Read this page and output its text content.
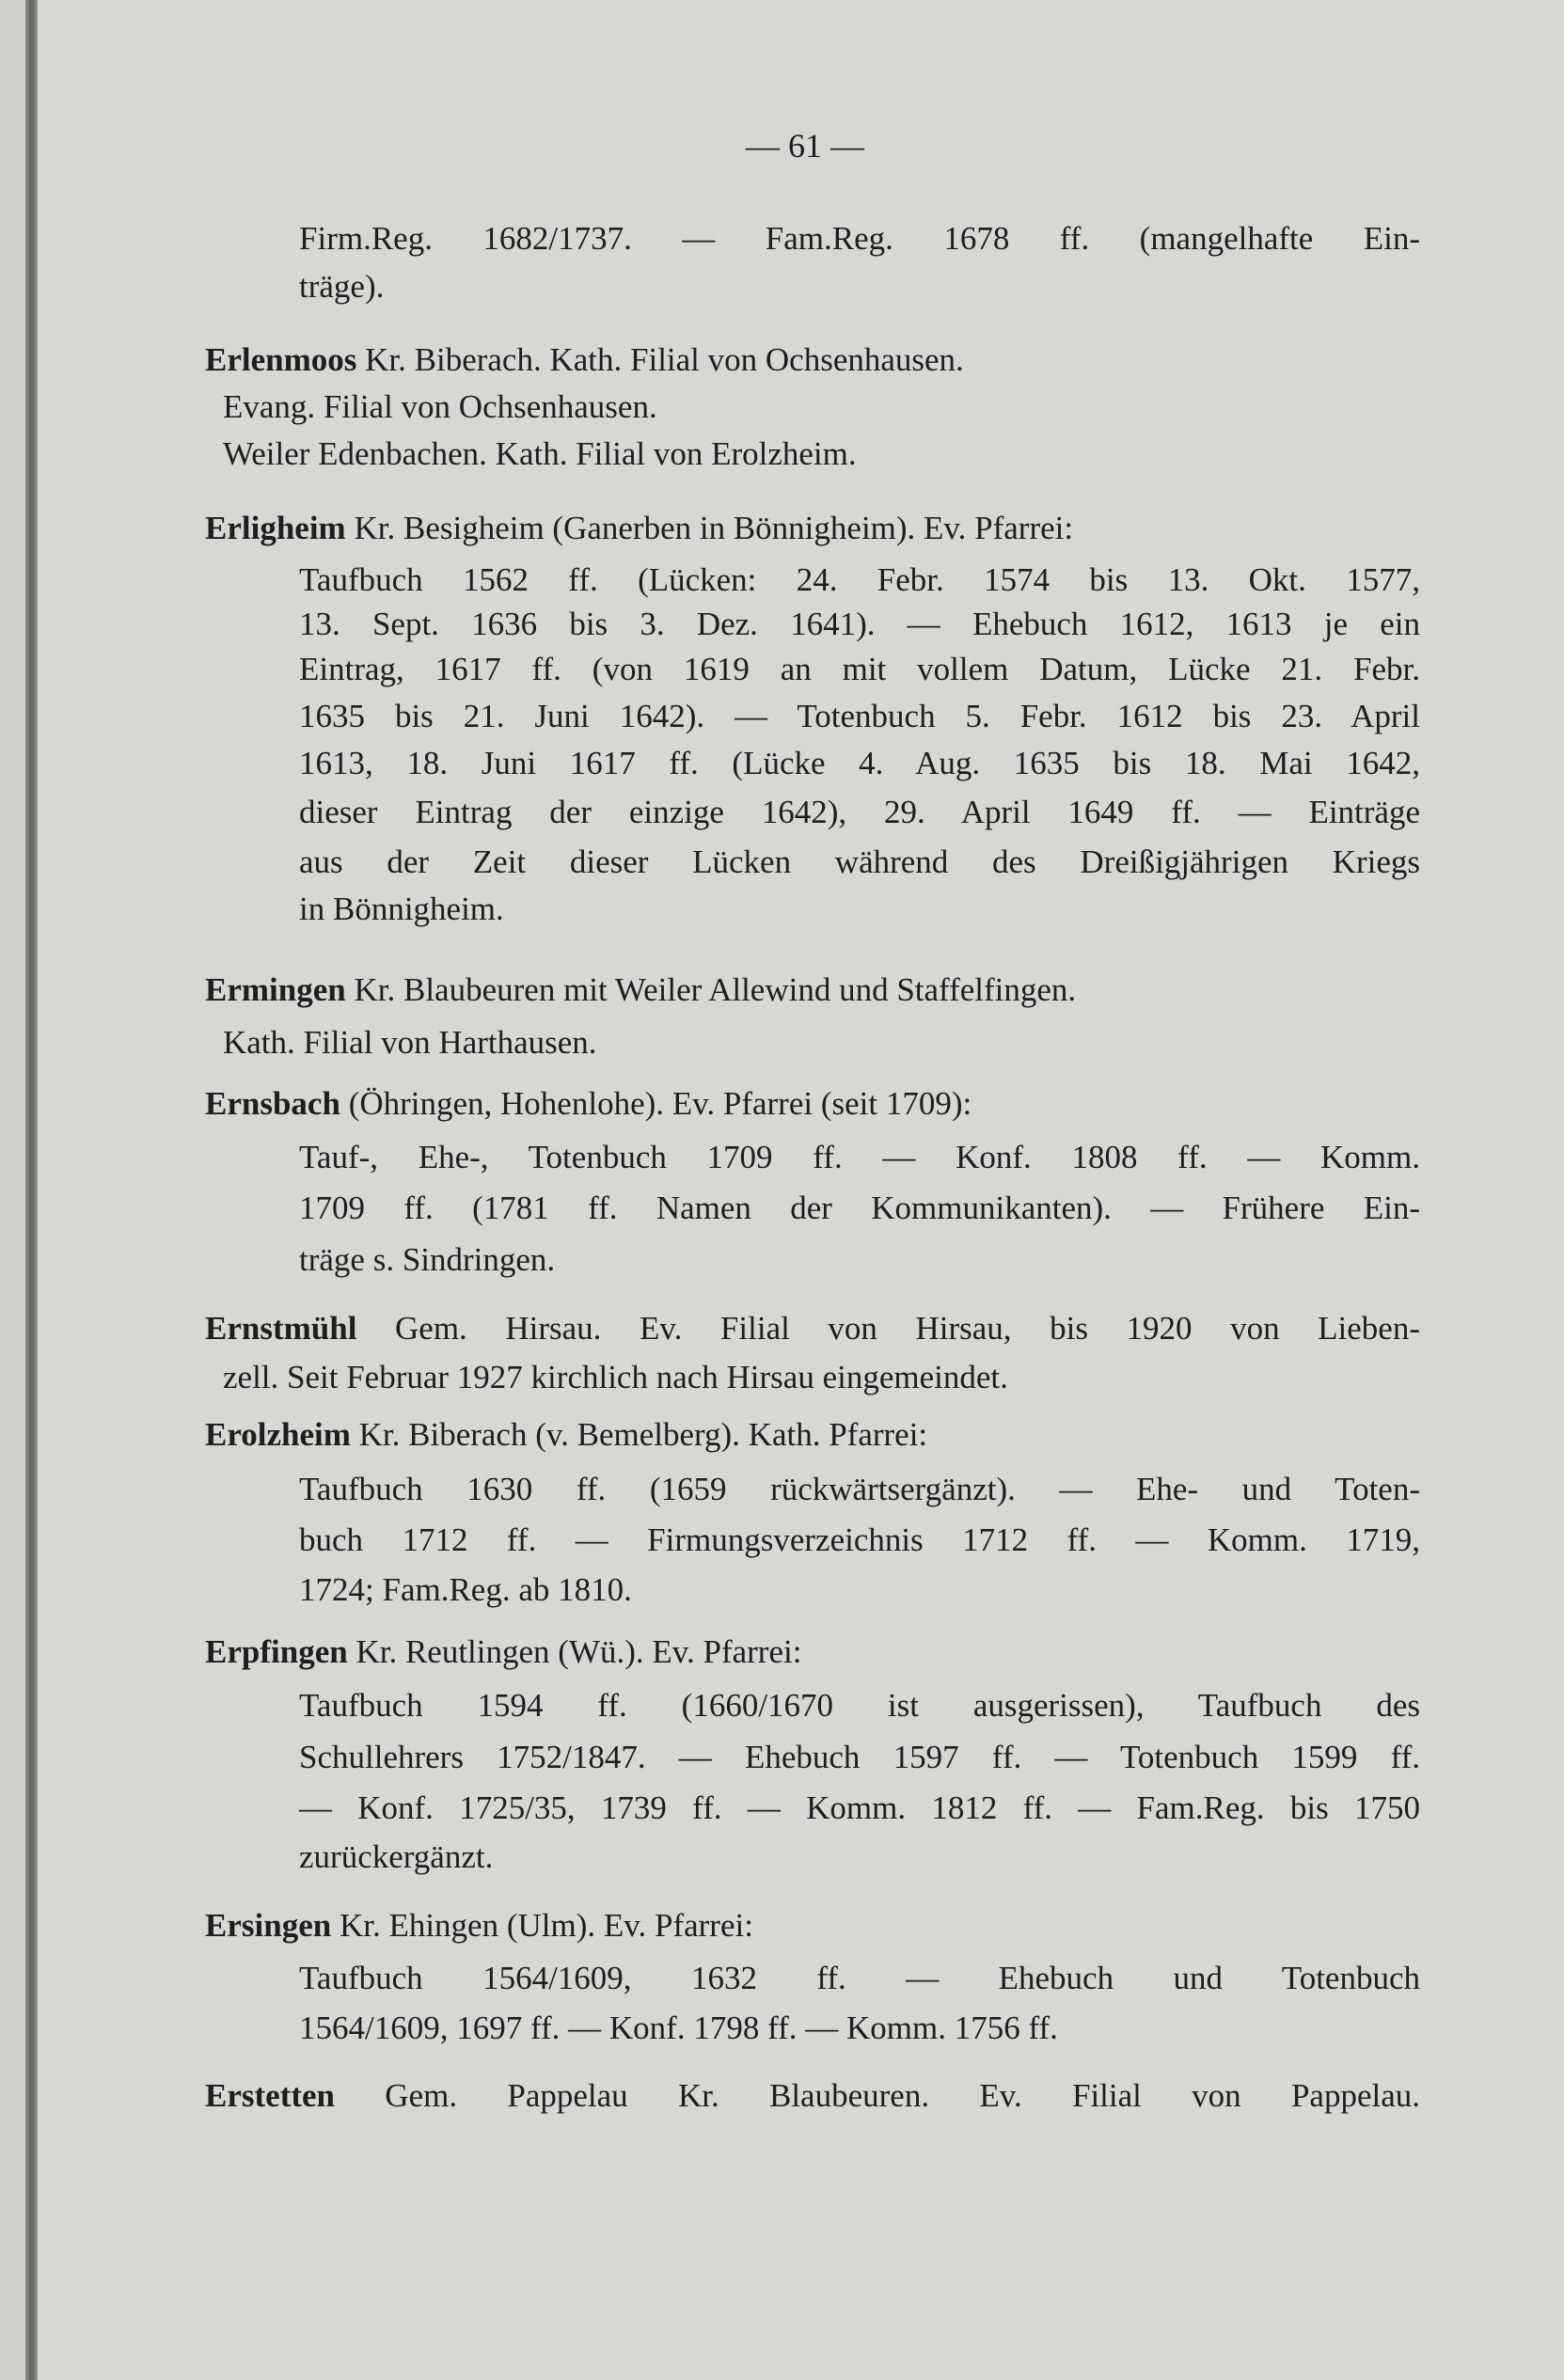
— 61 —
Firm.Reg. 1682/1737. — Fam.Reg. 1678 ff. (mangelhafte Ein-
träge).
Erlenmoos Kr. Biberach. Kath. Filial von Ochsenhausen.
Evang. Filial von Ochsenhausen.
Weiler Edenbachen. Kath. Filial von Erolzheim.
Erligheim Kr. Besigheim (Ganerben in Bönnigheim). Ev. Pfarrei:
Taufbuch 1562 ff. (Lücken: 24. Febr. 1574 bis 13. Okt. 1577,
13. Sept. 1636 bis 3. Dez. 1641). — Ehebuch 1612, 1613 je ein
Eintrag, 1617 ff. (von 1619 an mit vollem Datum, Lücke 21. Febr.
1635 bis 21. Juni 1642). — Totenbuch 5. Febr. 1612 bis 23. April
1613, 18. Juni 1617 ff. (Lücke 4. Aug. 1635 bis 18. Mai 1642,
dieser Eintrag der einzige 1642), 29. April 1649 ff. — Einträge
aus der Zeit dieser Lücken während des Dreißigjährigen Kriegs
in Bönnigheim.
Ermingen Kr. Blaubeuren mit Weiler Allewind und Staffelfingen.
Kath. Filial von Harthausen.
Ernsbach (Öhringen, Hohenlohe). Ev. Pfarrei (seit 1709):
Tauf-, Ehe-, Totenbuch 1709 ff. — Konf. 1808 ff. — Komm.
1709 ff. (1781 ff. Namen der Kommunikanten). — Frühere Ein-
träge s. Sindringen.
Ernstmühl Gem. Hirsau. Ev. Filial von Hirsau, bis 1920 von Lieben-
zell. Seit Februar 1927 kirchlich nach Hirsau eingemeindet.
Erolzheim Kr. Biberach (v. Bemelberg). Kath. Pfarrei:
Taufbuch 1630 ff. (1659 rückwärtsergänzt). — Ehe- und Toten-
buch 1712 ff. — Firmungsverzeichnis 1712 ff. — Komm. 1719,
1724; Fam.Reg. ab 1810.
Erpfingen Kr. Reutlingen (Wü.). Ev. Pfarrei:
Taufbuch 1594 ff. (1660/1670 ist ausgerissen), Taufbuch des
Schullehrers 1752/1847. — Ehebuch 1597 ff. — Totenbuch 1599 ff.
— Konf. 1725/35, 1739 ff. — Komm. 1812 ff. — Fam.Reg. bis 1750
zurückergänzt.
Ersingen Kr. Ehingen (Ulm). Ev. Pfarrei:
Taufbuch 1564/1609, 1632 ff. — Ehebuch und Totenbuch
1564/1609, 1697 ff. — Konf. 1798 ff. — Komm. 1756 ff.
Erstetten Gem. Pappelau Kr. Blaubeuren. Ev. Filial von Pappelau.
